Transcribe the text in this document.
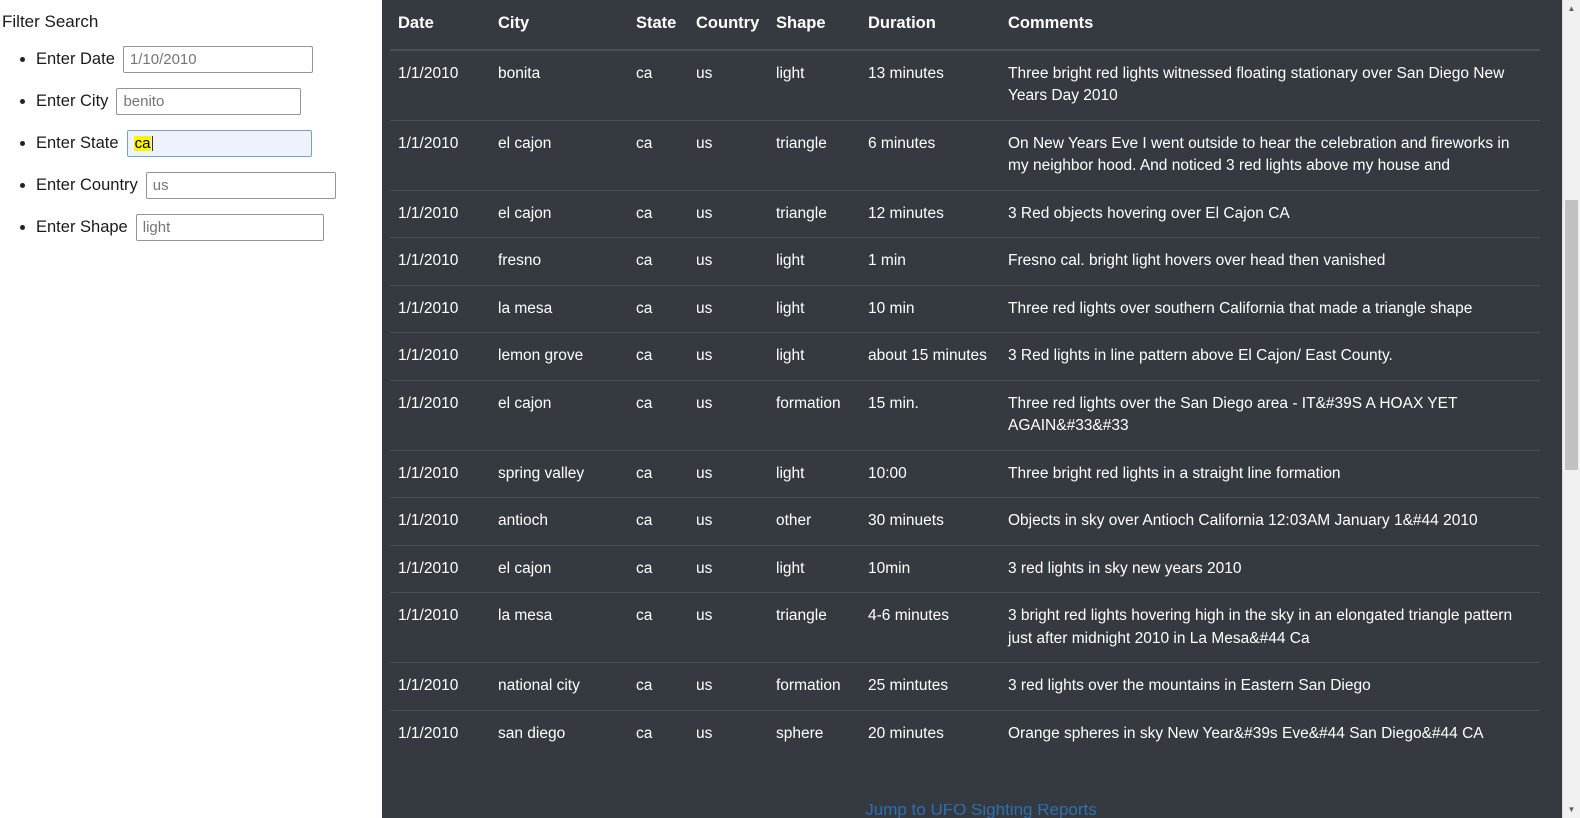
Filter Search
• Enter Date
1/10/2010
• Enter City
benito
• Enter State ca
• Enter Country
us
• Enter Shape
light
Date	City	State	Country	Shape	Duration	Comments
1/1/2010	bonita	ca	us	light	13 minutes	Three bright red lights witnessed floating stationary over San Diego New Years Day 2010
1/1/2010	el cajon	ca	us	triangle	6 minutes	On New Years Eve I went outside to hear the celebration and fireworks in my neighbor hood. And noticed 3 red lights above my house and
1/1/2010	el cajon	ca	us	triangle	12 minutes	3 Red objects hovering over El Cajon CA
1/1/2010	fresno	ca	us	light	1 min	Fresno cal. bright light hovers over head then vanished
1/1/2010	la mesa	ca	us	light	10 min	Three red lights over southern California that made a triangle shape
1/1/2010	lemon grove	ca	us	light	about 15 minutes	3 Red lights in line pattern above El Cajon/ East County.
1/1/2010	el cajon	ca	us	formation	15 min.	Three red lights over the San Diego area - IT&#39S A HOAX YET AGAIN&#33&#33
1/1/2010	spring valley	ca	us	light	10:00	Three bright red lights in a straight line formation
1/1/2010	antioch	ca	us	other	30 minuets	Objects in sky over Antioch California 12:03AM January 1&#44 2010
1/1/2010	el cajon	ca	us	light	10min	3 red lights in sky new years 2010
1/1/2010	la mesa	ca	us	triangle	4-6 minutes	3 bright red lights hovering high in the sky in an elongated triangle pattern just after midnight 2010 in La Mesa&#44 Ca
1/1/2010	national city	ca	us	formation	25 mintutes	3 red lights over the mountains in Eastern San Diego
1/1/2010	san diego	ca	us	sphere	20 minutes	Orange spheres in sky New Year&#39s Eve&#44 San Diego&#44 CA
Jump to UFO Sighting Reports
▲
▼
